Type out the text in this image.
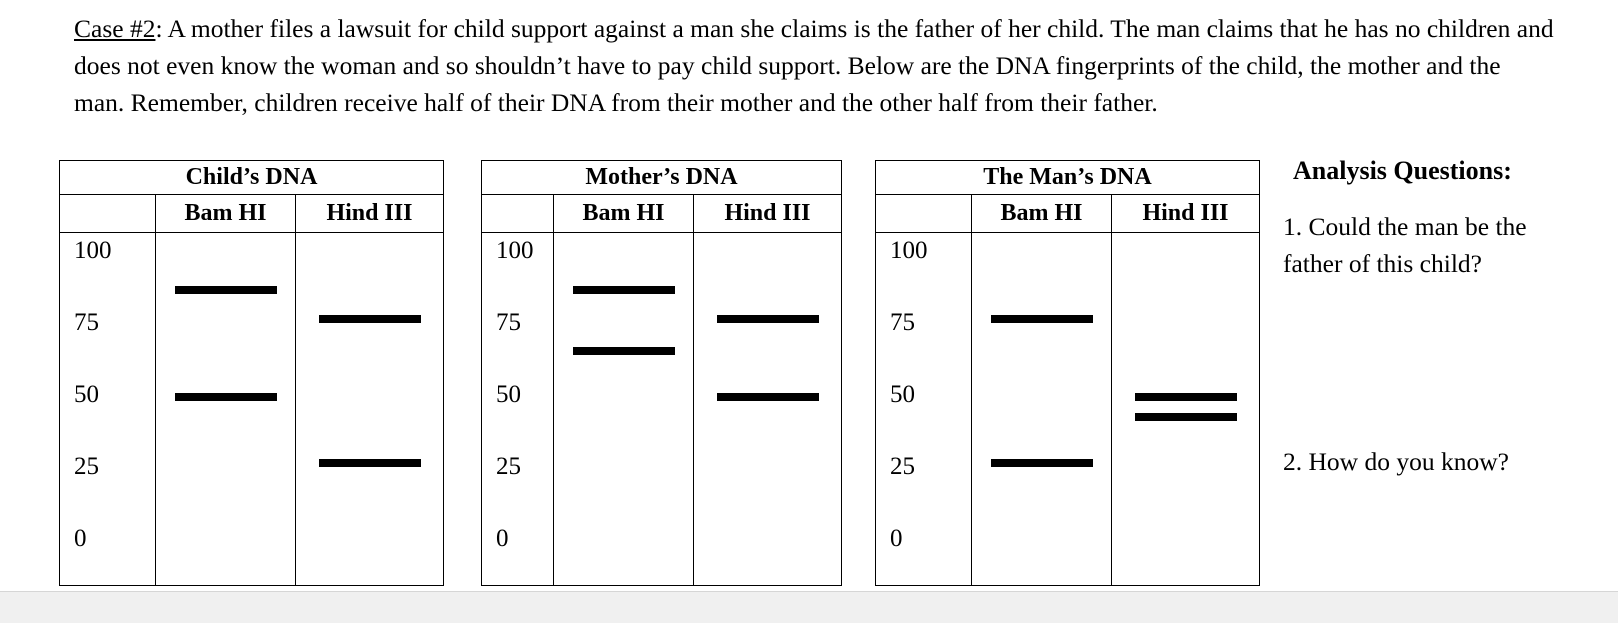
Case #2: A mother files a lawsuit for child support against a man she claims is the father of her child. The man claims that he has no children and does not even know the woman and so shouldn’t have to pay child support. Below are the DNA fingerprints of the child, the mother and the man. Remember, children receive half of their DNA from their mother and the other half from their father.

Child’s DNA		
	Bam HI	Hind III

100
75
50
25
0		

Mother’s DNA		
	Bam HI	Hind III

100
75
50
25
0		

The Man’s DNA		
	Bam HI	Hind III

100
75
50
25
0		

Analysis Questions:

1. Could the man be the father of this child?

2. How do you know?
